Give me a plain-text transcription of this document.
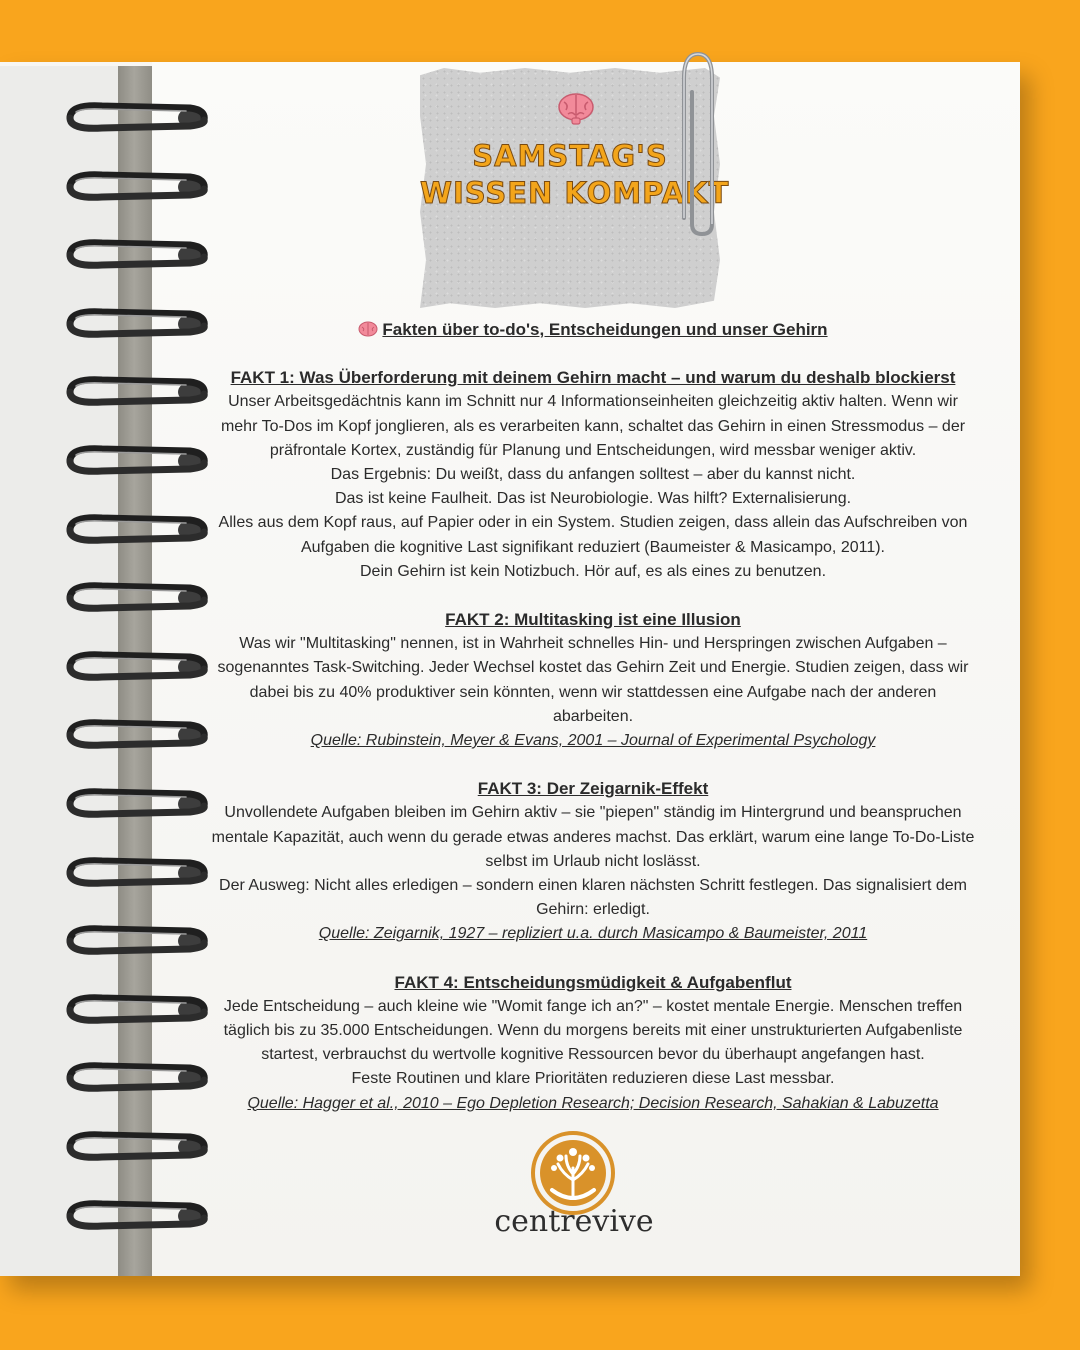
SAMSTAG'S
WISSEN KOMPAKT

Fakten über to-do's, Entscheidungen und unser Gehirn

FAKT 1: Was Überforderung mit deinem Gehirn macht – und warum du deshalb blockierst

Unser Arbeitsgedächtnis kann im Schnitt nur 4 Informationseinheiten gleichzeitig aktiv halten. Wenn wir mehr To-Dos im Kopf jonglieren, als es verarbeiten kann, schaltet das Gehirn in einen Stressmodus – der präfrontale Kortex, zuständig für Planung und Entscheidungen, wird messbar weniger aktiv.

Das Ergebnis: Du weißt, dass du anfangen solltest – aber du kannst nicht.

Das ist keine Faulheit. Das ist Neurobiologie. Was hilft? Externalisierung.

Alles aus dem Kopf raus, auf Papier oder in ein System. Studien zeigen, dass allein das Aufschreiben von Aufgaben die kognitive Last signifikant reduziert (Baumeister & Masicampo, 2011).

Dein Gehirn ist kein Notizbuch. Hör auf, es als eines zu benutzen.

FAKT 2: Multitasking ist eine Illusion

Was wir "Multitasking" nennen, ist in Wahrheit schnelles Hin- und Herspringen zwischen Aufgaben – sogenanntes Task-Switching. Jeder Wechsel kostet das Gehirn Zeit und Energie. Studien zeigen, dass wir dabei bis zu 40% produktiver sein könnten, wenn wir stattdessen eine Aufgabe nach der anderen abarbeiten.

Quelle: Rubinstein, Meyer & Evans, 2001 – Journal of Experimental Psychology

FAKT 3: Der Zeigarnik-Effekt

Unvollendete Aufgaben bleiben im Gehirn aktiv – sie "piepen" ständig im Hintergrund und beanspruchen mentale Kapazität, auch wenn du gerade etwas anderes machst. Das erklärt, warum eine lange To-Do-Liste selbst im Urlaub nicht loslässt.

Der Ausweg: Nicht alles erledigen – sondern einen klaren nächsten Schritt festlegen. Das signalisiert dem Gehirn: erledigt.

Quelle: Zeigarnik, 1927 – repliziert u.a. durch Masicampo & Baumeister, 2011

FAKT 4: Entscheidungsmüdigkeit & Aufgabenflut

Jede Entscheidung – auch kleine wie "Womit fange ich an?" – kostet mentale Energie. Menschen treffen täglich bis zu 35.000 Entscheidungen. Wenn du morgens bereits mit einer unstrukturierten Aufgabenliste startest, verbrauchst du wertvolle kognitive Ressourcen bevor du überhaupt angefangen hast.

Feste Routinen und klare Prioritäten reduzieren diese Last messbar.

Quelle: Hagger et al., 2010 – Ego Depletion Research; Decision Research, Sahakian & Labuzetta

centrevive
